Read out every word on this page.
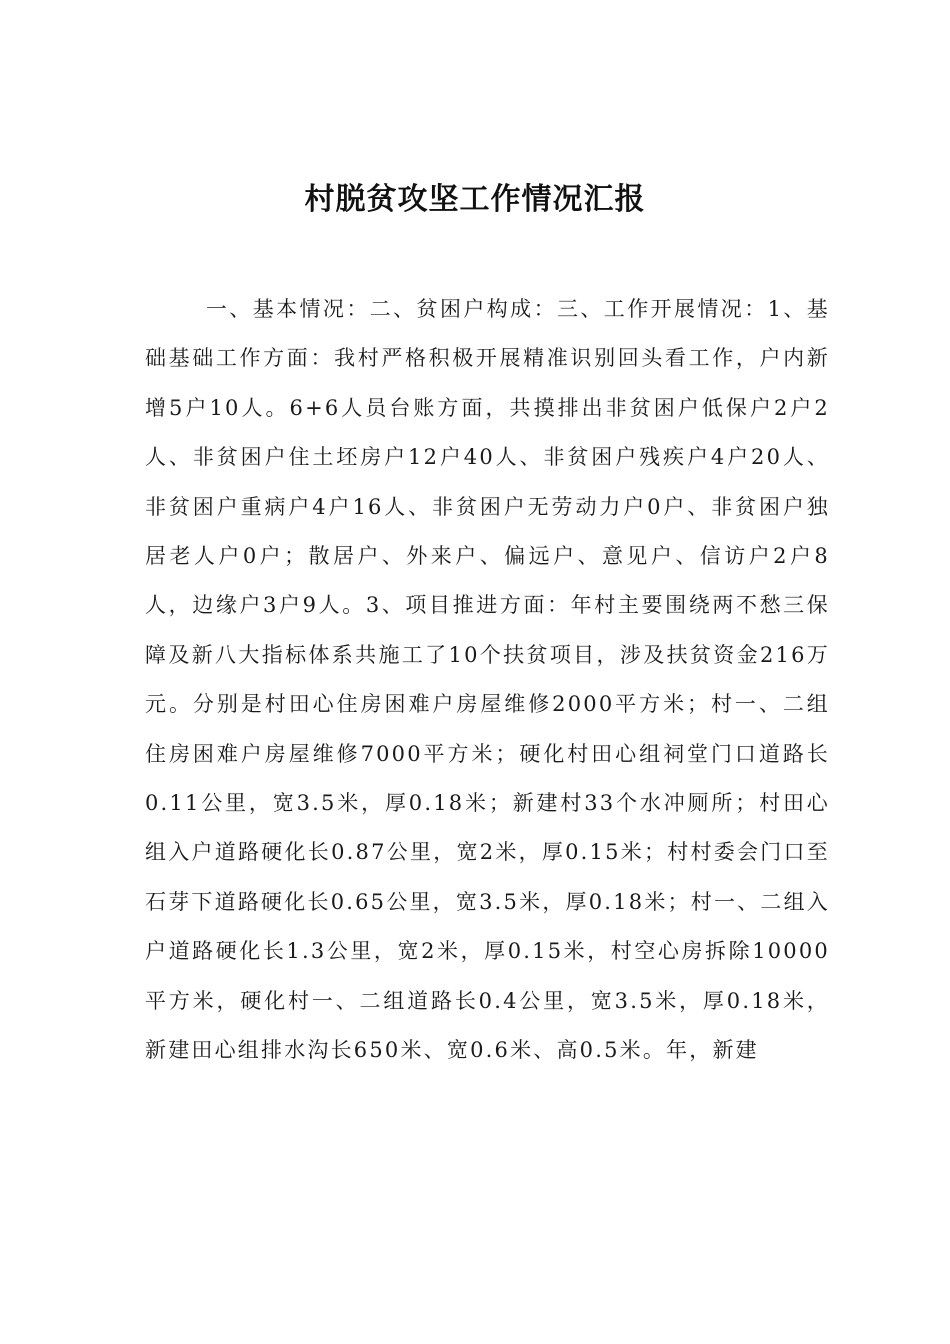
村脱贫攻坚工作情况汇报

一、基本情况：二、贫困户构成：三、工作开展情况：1、基础基础工作方面：我村严格积极开展精准识别回头看工作，户内新增5户10人。6+6人员台账方面，共摸排出非贫困户低保户2户2人、非贫困户住土坯房户12户40人、非贫困户残疾户4户20人、非贫困户重病户4户16人、非贫困户无劳动力户0户、非贫困户独居老人户0户；散居户、外来户、偏远户、意见户、信访户2户8人，边缘户3户9人。3、项目推进方面：年村主要围绕两不愁三保障及新八大指标体系共施工了10个扶贫项目，涉及扶贫资金216万元。分别是村田心住房困难户房屋维修2000平方米；村一、二组住房困难户房屋维修7000平方米；硬化村田心组祠堂门口道路长0.11公里，宽3.5米，厚0.18米；新建村33个水冲厕所；村田心组入户道路硬化长0.87公里，宽2米，厚0.15米；村村委会门口至石芽下道路硬化长0.65公里，宽3.5米，厚0.18米；村一、二组入户道路硬化长1.3公里，宽2米，厚0.15米，村空心房拆除10000平方米，硬化村一、二组道路长0.4公里，宽3.5米，厚0.18米，新建田心组排水沟长650米、宽0.6米、高0.5米。年，新建
